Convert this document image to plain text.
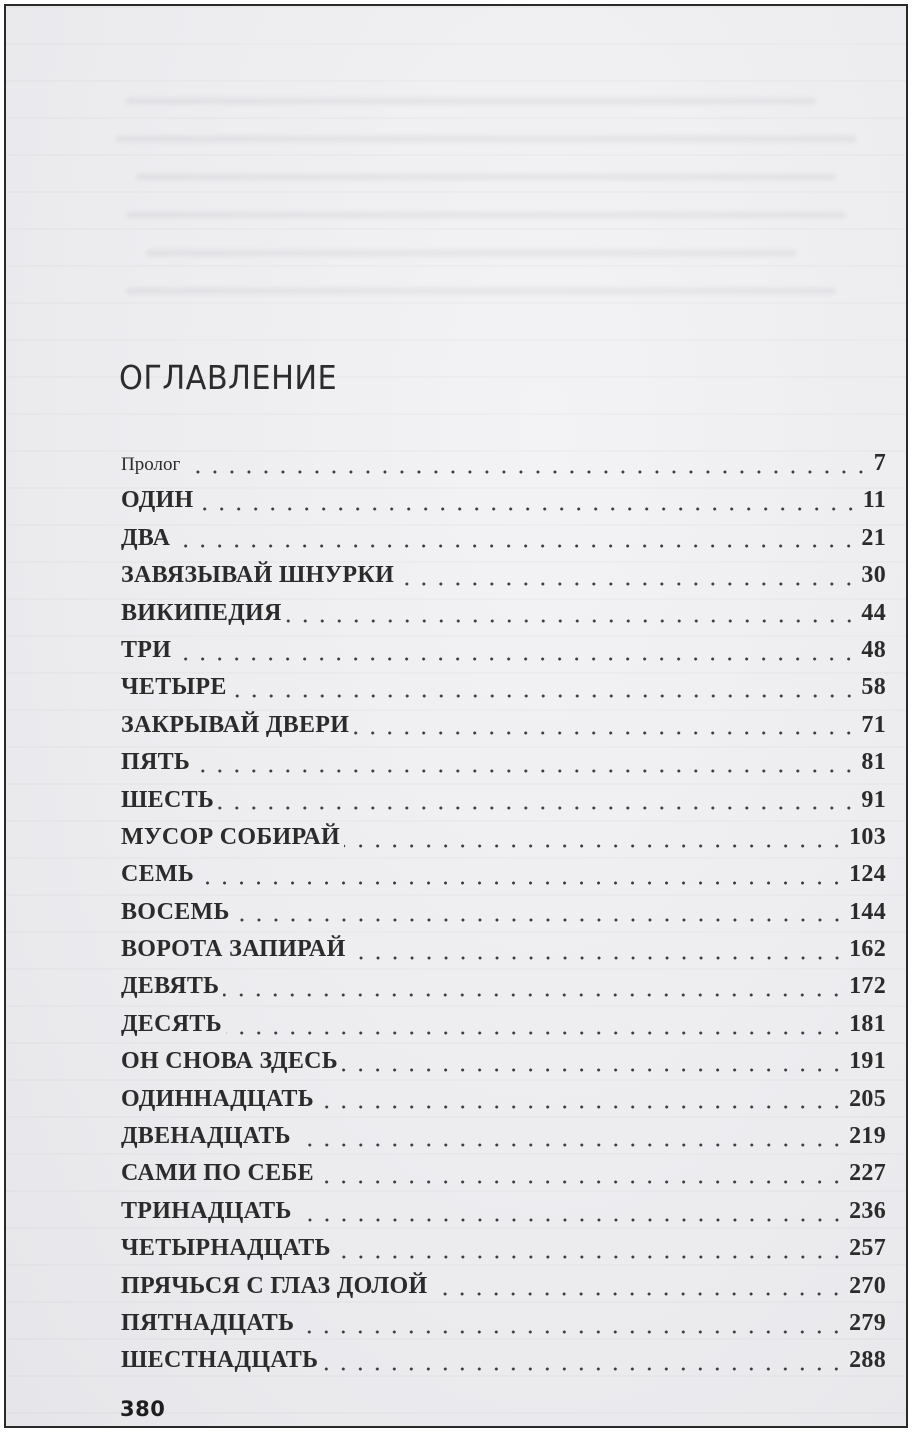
ОГЛАВЛЕНИЕ
Пролог	7
ОДИН	11
ДВА	21
ЗАВЯЗЫВАЙ ШНУРКИ	30
ВИКИПЕДИЯ	44
ТРИ	48
ЧЕТЫРЕ	58
ЗАКРЫВАЙ ДВЕРИ	71
ПЯТЬ	81
ШЕСТЬ	91
МУСОР СОБИРАЙ	103
СЕМЬ	124
ВОСЕМЬ	144
ВОРОТА ЗАПИРАЙ	162
ДЕВЯТЬ	172
ДЕСЯТЬ	181
ОН СНОВА ЗДЕСЬ	191
ОДИННАДЦАТЬ	205
ДВЕНАДЦАТЬ	219
САМИ ПО СЕБЕ	227
ТРИНАДЦАТЬ	236
ЧЕТЫРНАДЦАТЬ	257
ПРЯЧЬСЯ С ГЛАЗ ДОЛОЙ	270
ПЯТНАДЦАТЬ	279
ШЕСТНАДЦАТЬ	288
380
